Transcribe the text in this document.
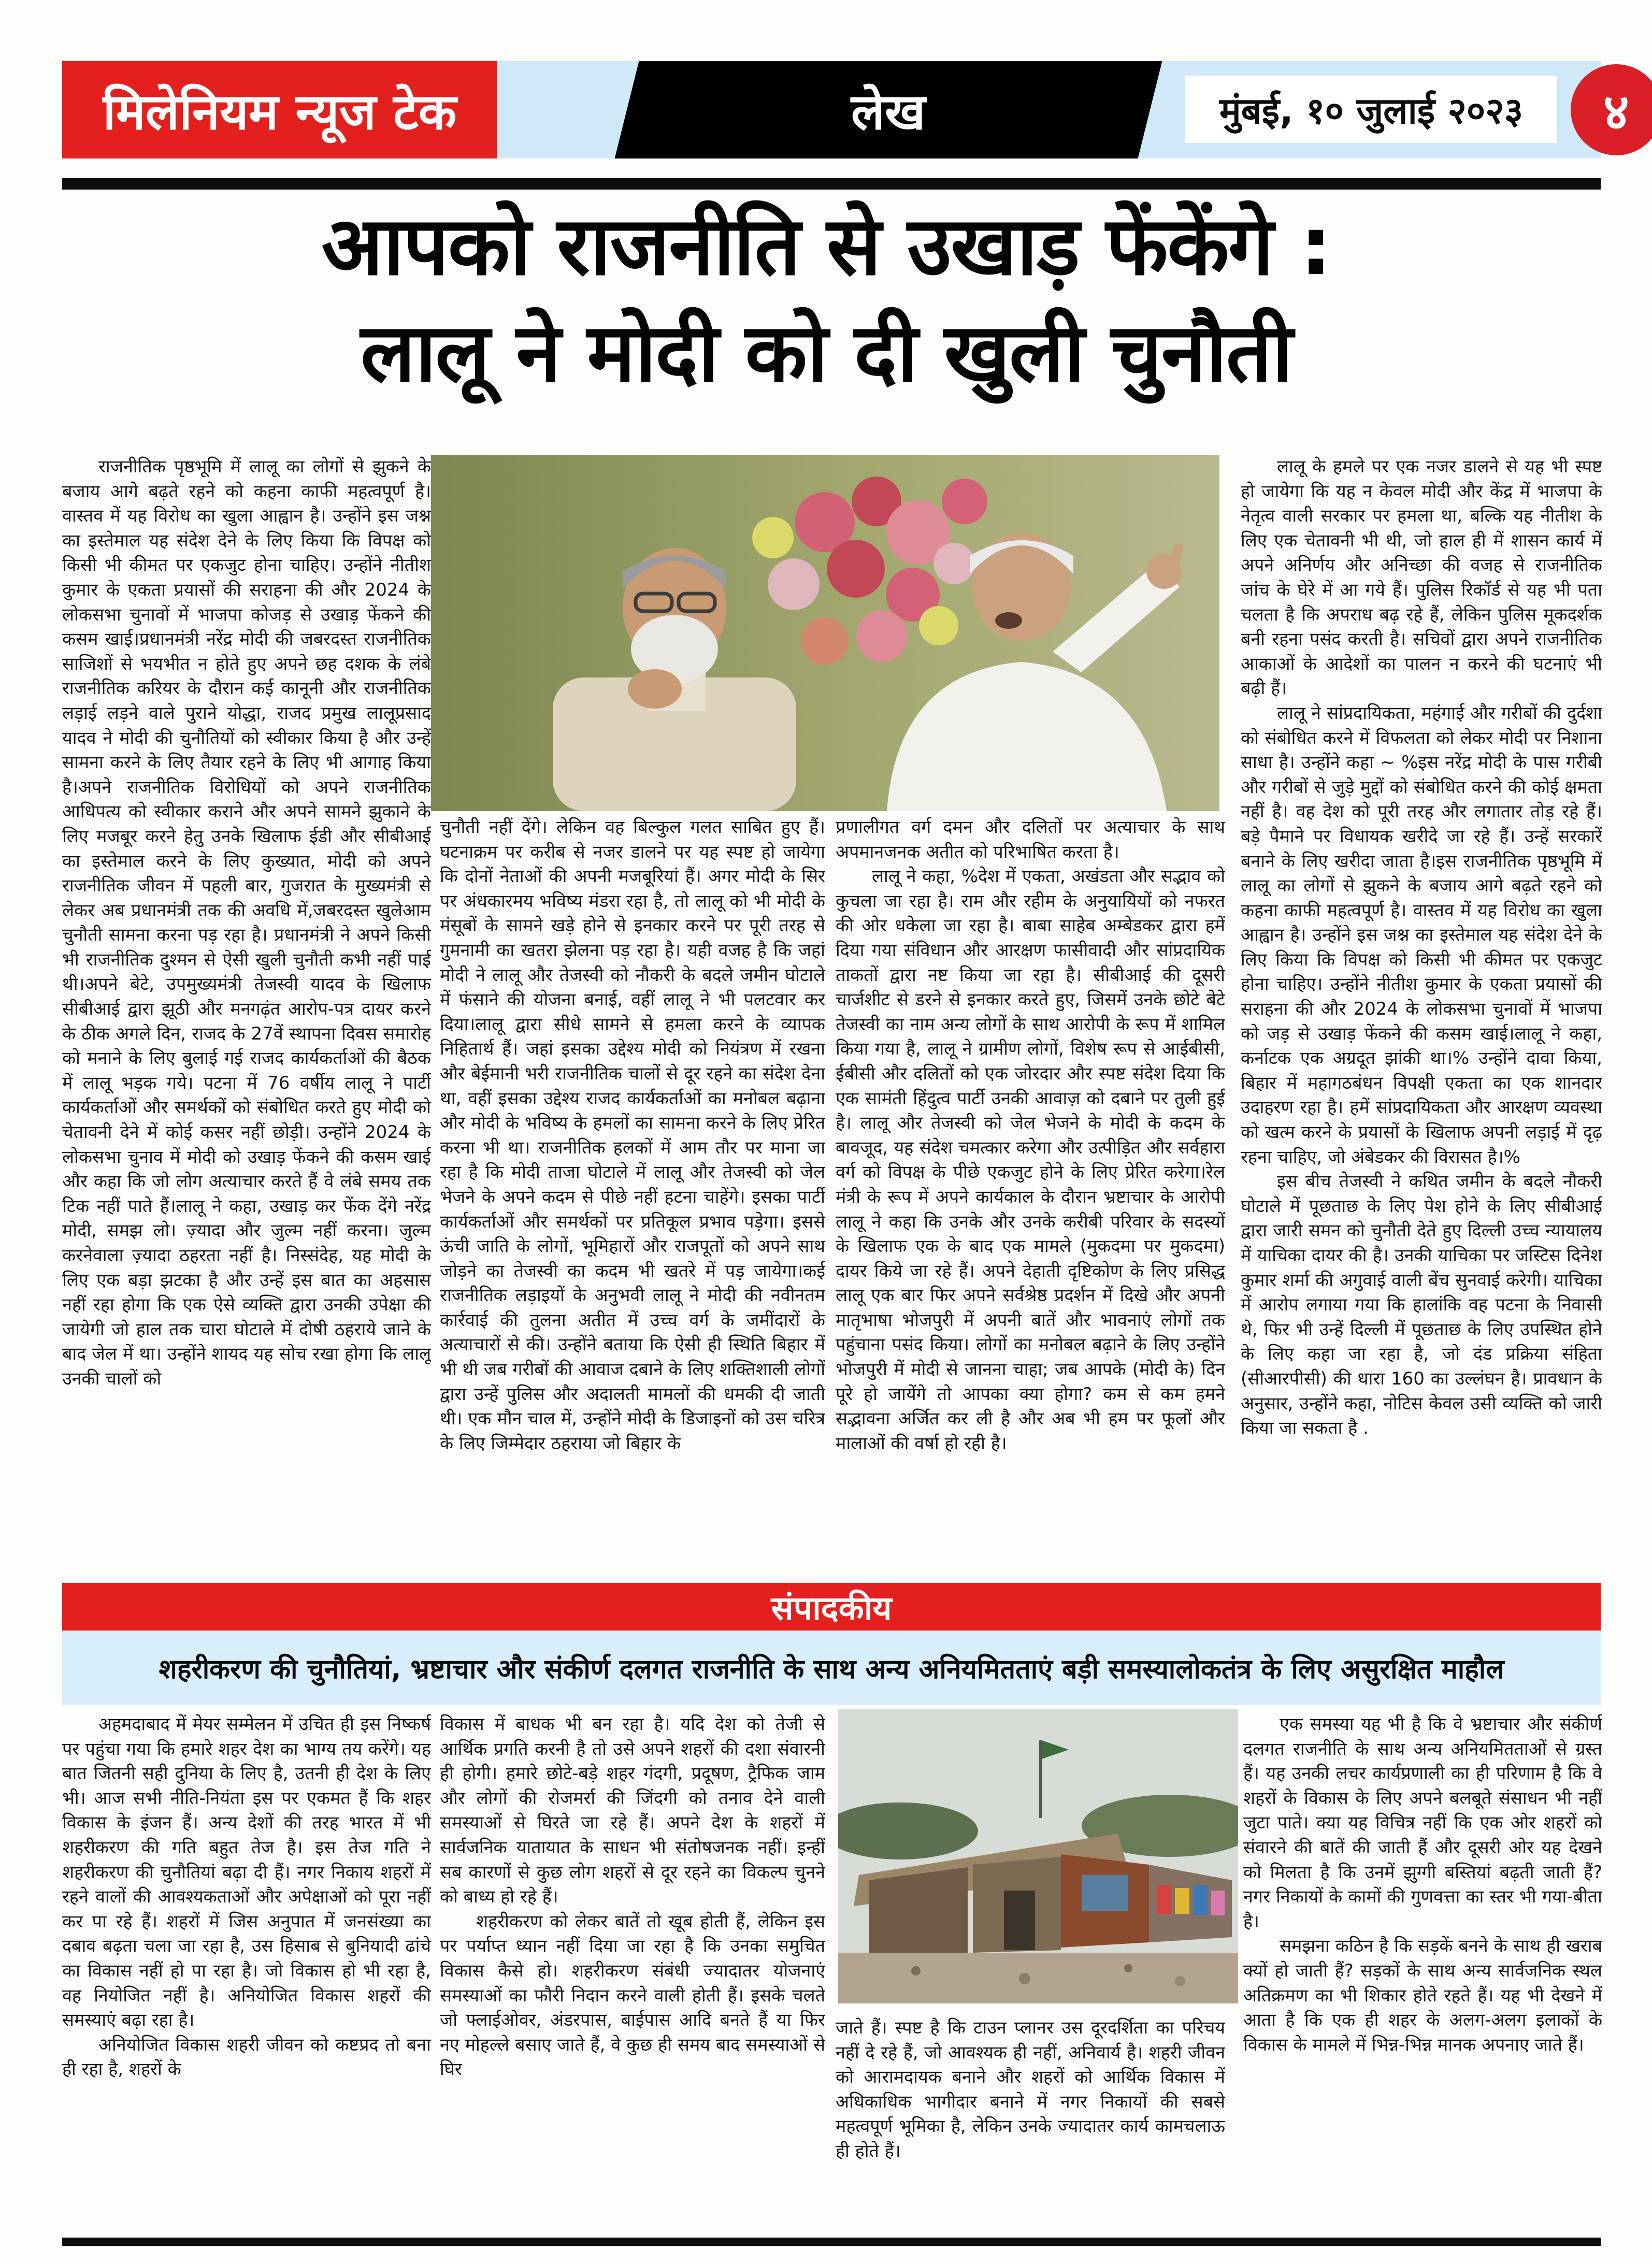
मिलेनियम न्यूज टेक	लेख	मुंबई, १० जुलाई २०२३ ४
आपको राजनीति से उखाड़ फेंकेंगे :
लालू ने मोदी को दी खुली चुनौती

राजनीतिक पृष्ठभूमि में लालू का लोगों से झुकने के बजाय आगे बढ़ते रहने को कहना काफी महत्वपूर्ण है। वास्तव में यह विरोध का खुला आह्वान है। उन्होंने इस जश्न का इस्तेमाल यह संदेश देने के लिए किया कि विपक्ष को किसी भी कीमत पर एकजुट होना चाहिए। उन्होंने नीतीश कुमार के एकता प्रयासों की सराहना की और 2024 के लोकसभा चुनावों में भाजपा कोजड़ से उखाड़ फेंकने की कसम खाई।प्रधानमंत्री नरेंद्र मोदी की जबरदस्त राजनीतिक साजिशों से भयभीत न होते हुए अपने छह दशक के लंबे राजनीतिक करियर के दौरान कई कानूनी और राजनीतिक लड़ाई लड़ने वाले पुराने योद्धा, राजद प्रमुख लालूप्रसाद यादव ने मोदी की चुनौतियों को स्वीकार किया है और उन्हें सामना करने के लिए तैयार रहने के लिए भी आगाह किया है।अपने राजनीतिक विरोधियों को अपने राजनीतिक आधिपत्य को स्वीकार कराने और अपने सामने झुकाने के लिए मजबूर करने हेतु उनके खिलाफ ईडी और सीबीआई का इस्तेमाल करने के लिए कुख्यात, मोदी को अपने राजनीतिक जीवन में पहली बार, गुजरात के मुख्यमंत्री से लेकर अब प्रधानमंत्री तक की अवधि में,जबरदस्त खुलेआम चुनौती सामना करना पड़ रहा है। प्रधानमंत्री ने अपने किसी भी राजनीतिक दुश्मन से ऐसी खुली चुनौती कभी नहीं पाई थी।अपने बेटे, उपमुख्यमंत्री तेजस्वी यादव के खिलाफ सीबीआई द्वारा झूठी और मनगढ़ंत आरोप-पत्र दायर करने के ठीक अगले दिन, राजद के 27वें स्थापना दिवस समारोह को मनाने के लिए बुलाई गई राजद कार्यकर्ताओं की बैठक में लालू भड़क गये। पटना में 76 वर्षीय लालू ने पार्टी कार्यकर्ताओं और समर्थकों को संबोधित करते हुए मोदी को चेतावनी देने में कोई कसर नहीं छोड़ी। उन्होंने 2024 के लोकसभा चुनाव में मोदी को उखाड़ फेंकने की कसम खाई और कहा कि जो लोग अत्याचार करते हैं वे लंबे समय तक टिक नहीं पाते हैं।लालू ने कहा, उखाड़ कर फेंक देंगे नरेंद्र मोदी, समझ लो। ज़्यादा और जुल्म नहीं करना। जुल्म करनेवाला ज़्यादा ठहरता नहीं है। निस्संदेह, यह मोदी के लिए एक बड़ा झटका है और उन्हें इस बात का अहसास नहीं रहा होगा कि एक ऐसे व्यक्ति द्वारा उनकी उपेक्षा की जायेगी जो हाल तक चारा घोटाले में दोषी ठहराये जाने के बाद जेल में था। उन्होंने शायद यह सोच रखा होगा कि लालू उनकी चालों को

चुनौती नहीं देंगे। लेकिन वह बिल्कुल गलत साबित हुए हैं।घटनाक्रम पर करीब से नजर डालने पर यह स्पष्ट हो जायेगा कि दोनों नेताओं की अपनी मजबूरियां हैं। अगर मोदी के सिर पर अंधकारमय भविष्य मंडरा रहा है, तो लालू को भी मोदी के मंसूबों के सामने खड़े होने से इनकार करने पर पूरी तरह से गुमनामी का खतरा झेलना पड़ रहा है। यही वजह है कि जहां मोदी ने लालू और तेजस्वी को नौकरी के बदले जमीन घोटाले में फंसाने की योजना बनाई, वहीं लालू ने भी पलटवार कर दिया।लालू द्वारा सीधे सामने से हमला करने के व्यापक निहितार्थ हैं। जहां इसका उद्देश्य मोदी को नियंत्रण में रखना और बेईमानी भरी राजनीतिक चालों से दूर रहने का संदेश देना था, वहीं इसका उद्देश्य राजद कार्यकर्ताओं का मनोबल बढ़ाना और मोदी के भविष्य के हमलों का सामना करने के लिए प्रेरित करना भी था। राजनीतिक हलकों में आम तौर पर माना जा रहा है कि मोदी ताजा घोटाले में लालू और तेजस्वी को जेल भेजने के अपने कदम से पीछे नहीं हटना चाहेंगे। इसका पार्टी कार्यकर्ताओं और समर्थकों पर प्रतिकूल प्रभाव पड़ेगा। इससे ऊंची जाति के लोगों, भूमिहारों और राजपूतों को अपने साथ जोड़ने का तेजस्वी का कदम भी खतरे में पड़ जायेगा।कई राजनीतिक लड़ाइयों के अनुभवी लालू ने मोदी की नवीनतम कार्रवाई की तुलना अतीत में उच्च वर्ग के जमींदारों के अत्याचारों से की। उन्होंने बताया कि ऐसी ही स्थिति बिहार में भी थी जब गरीबों की आवाज दबाने के लिए शक्तिशाली लोगों द्वारा उन्हें पुलिस और अदालती मामलों की धमकी दी जाती थी। एक मौन चाल में, उन्होंने मोदी के डिजाइनों को उस चरित्र के लिए जिम्मेदार ठहराया जो बिहार के

प्रणालीगत वर्ग दमन और दलितों पर अत्याचार के साथ अपमानजनक अतीत को परिभाषित करता है।

लालू ने कहा, %देश में एकता, अखंडता और सद्भाव को कुचला जा रहा है। राम और रहीम के अनुयायियों को नफरत की ओर धकेला जा रहा है। बाबा साहेब अम्बेडकर द्वारा हमें दिया गया संविधान और आरक्षण फासीवादी और सांप्रदायिक ताकतों द्वारा नष्ट किया जा रहा है। सीबीआई की दूसरी चार्जशीट से डरने से इनकार करते हुए, जिसमें उनके छोटे बेटे तेजस्वी का नाम अन्य लोगों के साथ आरोपी के रूप में शामिल किया गया है, लालू ने ग्रामीण लोगों, विशेष रूप से आईबीसी, ईबीसी और दलितों को एक जोरदार और स्पष्ट संदेश दिया कि एक सामंती हिंदुत्व पार्टी उनकी आवाज़ को दबाने पर तुली हुई है। लालू और तेजस्वी को जेल भेजने के मोदी के कदम के बावजूद, यह संदेश चमत्कार करेगा और उत्पीड़ित और सर्वहारा वर्ग को विपक्ष के पीछे एकजुट होने के लिए प्रेरित करेगा।रेल मंत्री के रूप में अपने कार्यकाल के दौरान भ्रष्टाचार के आरोपी लालू ने कहा कि उनके और उनके करीबी परिवार के सदस्यों के खिलाफ एक के बाद एक मामले (मुकदमा पर मुकदमा) दायर किये जा रहे हैं। अपने देहाती दृष्टिकोण के लिए प्रसिद्ध लालू एक बार फिर अपने सर्वश्रेष्ठ प्रदर्शन में दिखे और अपनी मातृभाषा भोजपुरी में अपनी बातें और भावनाएं लोगों तक पहुंचाना पसंद किया। लोगों का मनोबल बढ़ाने के लिए उन्होंने भोजपुरी में मोदी से जानना चाहा; जब आपके (मोदी के) दिन पूरे हो जायेंगे तो आपका क्या होगा? कम से कम हमने सद्भावना अर्जित कर ली है और अब भी हम पर फूलों और मालाओं की वर्षा हो रही है।

लालू के हमले पर एक नजर डालने से यह भी स्पष्ट हो जायेगा कि यह न केवल मोदी और केंद्र में भाजपा के नेतृत्व वाली सरकार पर हमला था, बल्कि यह नीतीश के लिए एक चेतावनी भी थी, जो हाल ही में शासन कार्य में अपने अनिर्णय और अनिच्छा की वजह से राजनीतिक जांच के घेरे में आ गये हैं। पुलिस रिकॉर्ड से यह भी पता चलता है कि अपराध बढ़ रहे हैं, लेकिन पुलिस मूकदर्शक बनी रहना पसंद करती है। सचिवों द्वारा अपने राजनीतिक आकाओं के आदेशों का पालन न करने की घटनाएं भी बढ़ी हैं।

लालू ने सांप्रदायिकता, महंगाई और गरीबों की दुर्दशा को संबोधित करने में विफलता को लेकर मोदी पर निशाना साधा है। उन्होंने कहा ~ %इस नरेंद्र मोदी के पास गरीबी और गरीबों से जुड़े मुद्दों को संबोधित करने की कोई क्षमता नहीं है। वह देश को पूरी तरह और लगातार तोड़ रहे हैं। बड़े पैमाने पर विधायक खरीदे जा रहे हैं। उन्हें सरकारें बनाने के लिए खरीदा जाता है।इस राजनीतिक पृष्ठभूमि में लालू का लोगों से झुकने के बजाय आगे बढ़ते रहने को कहना काफी महत्वपूर्ण है। वास्तव में यह विरोध का खुला आह्वान है। उन्होंने इस जश्न का इस्तेमाल यह संदेश देने के लिए किया कि विपक्ष को किसी भी कीमत पर एकजुट होना चाहिए। उन्होंने नीतीश कुमार के एकता प्रयासों की सराहना की और 2024 के लोकसभा चुनावों में भाजपा को जड़ से उखाड़ फेंकने की कसम खाई।लालू ने कहा, कर्नाटक एक अग्रदूत झांकी था।% उन्होंने दावा किया, बिहार में महागठबंधन विपक्षी एकता का एक शानदार उदाहरण रहा है। हमें सांप्रदायिकता और आरक्षण व्यवस्था को खत्म करने के प्रयासों के खिलाफ अपनी लड़ाई में दृढ़ रहना चाहिए, जो अंबेडकर की विरासत है।%

इस बीच तेजस्वी ने कथित जमीन के बदले नौकरी घोटाले में पूछताछ के लिए पेश होने के लिए सीबीआई द्वारा जारी समन को चुनौती देते हुए दिल्ली उच्च न्यायालय में याचिका दायर की है। उनकी याचिका पर जस्टिस दिनेश कुमार शर्मा की अगुवाई वाली बेंच सुनवाई करेगी। याचिका में आरोप लगाया गया कि हालांकि वह पटना के निवासी थे, फिर भी उन्हें दिल्ली में पूछताछ के लिए उपस्थित होने के लिए कहा जा रहा है, जो दंड प्रक्रिया संहिता (सीआरपीसी) की धारा 160 का उल्लंघन है। प्रावधान के अनुसार, उन्होंने कहा, नोटिस केवल उसी व्यक्ति को जारी किया जा सकता है .

संपादकीय
शहरीकरण की चुनौतियां, भ्रष्टाचार और संकीर्ण दलगत राजनीति के साथ अन्य अनियमितताएं बड़ी समस्यालोकतंत्र के लिए असुरक्षित माहौल

अहमदाबाद में मेयर सम्मेलन में उचित ही इस निष्कर्ष पर पहुंचा गया कि हमारे शहर देश का भाग्य तय करेंगे। यह बात जितनी सही दुनिया के लिए है, उतनी ही देश के लिए भी। आज सभी नीति-नियंता इस पर एकमत हैं कि शहर विकास के इंजन हैं। अन्य देशों की तरह भारत में भी शहरीकरण की गति बहुत तेज है। इस तेज गति ने शहरीकरण की चुनौतियां बढ़ा दी हैं। नगर निकाय शहरों में रहने वालों की आवश्यकताओं और अपेक्षाओं को पूरा नहीं कर पा रहे हैं। शहरों में जिस अनुपात में जनसंख्या का दबाव बढ़ता चला जा रहा है, उस हिसाब से बुनियादी ढांचे का विकास नहीं हो पा रहा है। जो विकास हो भी रहा है, वह नियोजित नहीं है। अनियोजित विकास शहरों की समस्याएं बढ़ा रहा है।

अनियोजित विकास शहरी जीवन को कष्टप्रद तो बना ही रहा है, शहरों के

विकास में बाधक भी बन रहा है। यदि देश को तेजी से आर्थिक प्रगति करनी है तो उसे अपने शहरों की दशा संवारनी ही होगी। हमारे छोटे-बड़े शहर गंदगी, प्रदूषण, ट्रैफिक जाम और लोगों की रोजमर्रा की जिंदगी को तनाव देने वाली समस्याओं से घिरते जा रहे हैं। अपने देश के शहरों में सार्वजनिक यातायात के साधन भी संतोषजनक नहीं। इन्हीं सब कारणों से कुछ लोग शहरों से दूर रहने का विकल्प चुनने को बाध्य हो रहे हैं।

शहरीकरण को लेकर बातें तो खूब होती हैं, लेकिन इस पर पर्याप्त ध्यान नहीं दिया जा रहा है कि उनका समुचित विकास कैसे हो। शहरीकरण संबंधी ज्यादातर योजनाएं समस्याओं का फौरी निदान करने वाली होती हैं। इसके चलते जो फ्लाईओवर, अंडरपास, बाईपास आदि बनते हैं या फिर नए मोहल्ले बसाए जाते हैं, वे कुछ ही समय बाद समस्याओं से घिर

जाते हैं। स्पष्ट है कि टाउन प्लानर उस दूरदर्शिता का परिचय नहीं दे रहे हैं, जो आवश्यक ही नहीं, अनिवार्य है। शहरी जीवन को आरामदायक बनाने और शहरों को आर्थिक विकास में अधिकाधिक भागीदार बनाने में नगर निकायों की सबसे महत्वपूर्ण भूमिका है, लेकिन उनके ज्यादातर कार्य कामचलाऊ ही होते हैं।

एक समस्या यह भी है कि वे भ्रष्टाचार और संकीर्ण दलगत राजनीति के साथ अन्य अनियमितताओं से ग्रस्त हैं। यह उनकी लचर कार्यप्रणाली का ही परिणाम है कि वे शहरों के विकास के लिए अपने बलबूते संसाधन भी नहीं जुटा पाते। क्या यह विचित्र नहीं कि एक ओर शहरों को संवारने की बातें की जाती हैं और दूसरी ओर यह देखने को मिलता है कि उनमें झुग्गी बस्तियां बढ़ती जाती हैं? नगर निकायों के कामों की गुणवत्ता का स्तर भी गया-बीता है।

समझना कठिन है कि सड़कें बनने के साथ ही खराब क्यों हो जाती हैं? सड़कों के साथ अन्य सार्वजनिक स्थल अतिक्रमण का भी शिकार होते रहते हैं। यह भी देखने में आता है कि एक ही शहर के अलग-अलग इलाकों के विकास के मामले में भिन्न-भिन्न मानक अपनाए जाते हैं।
